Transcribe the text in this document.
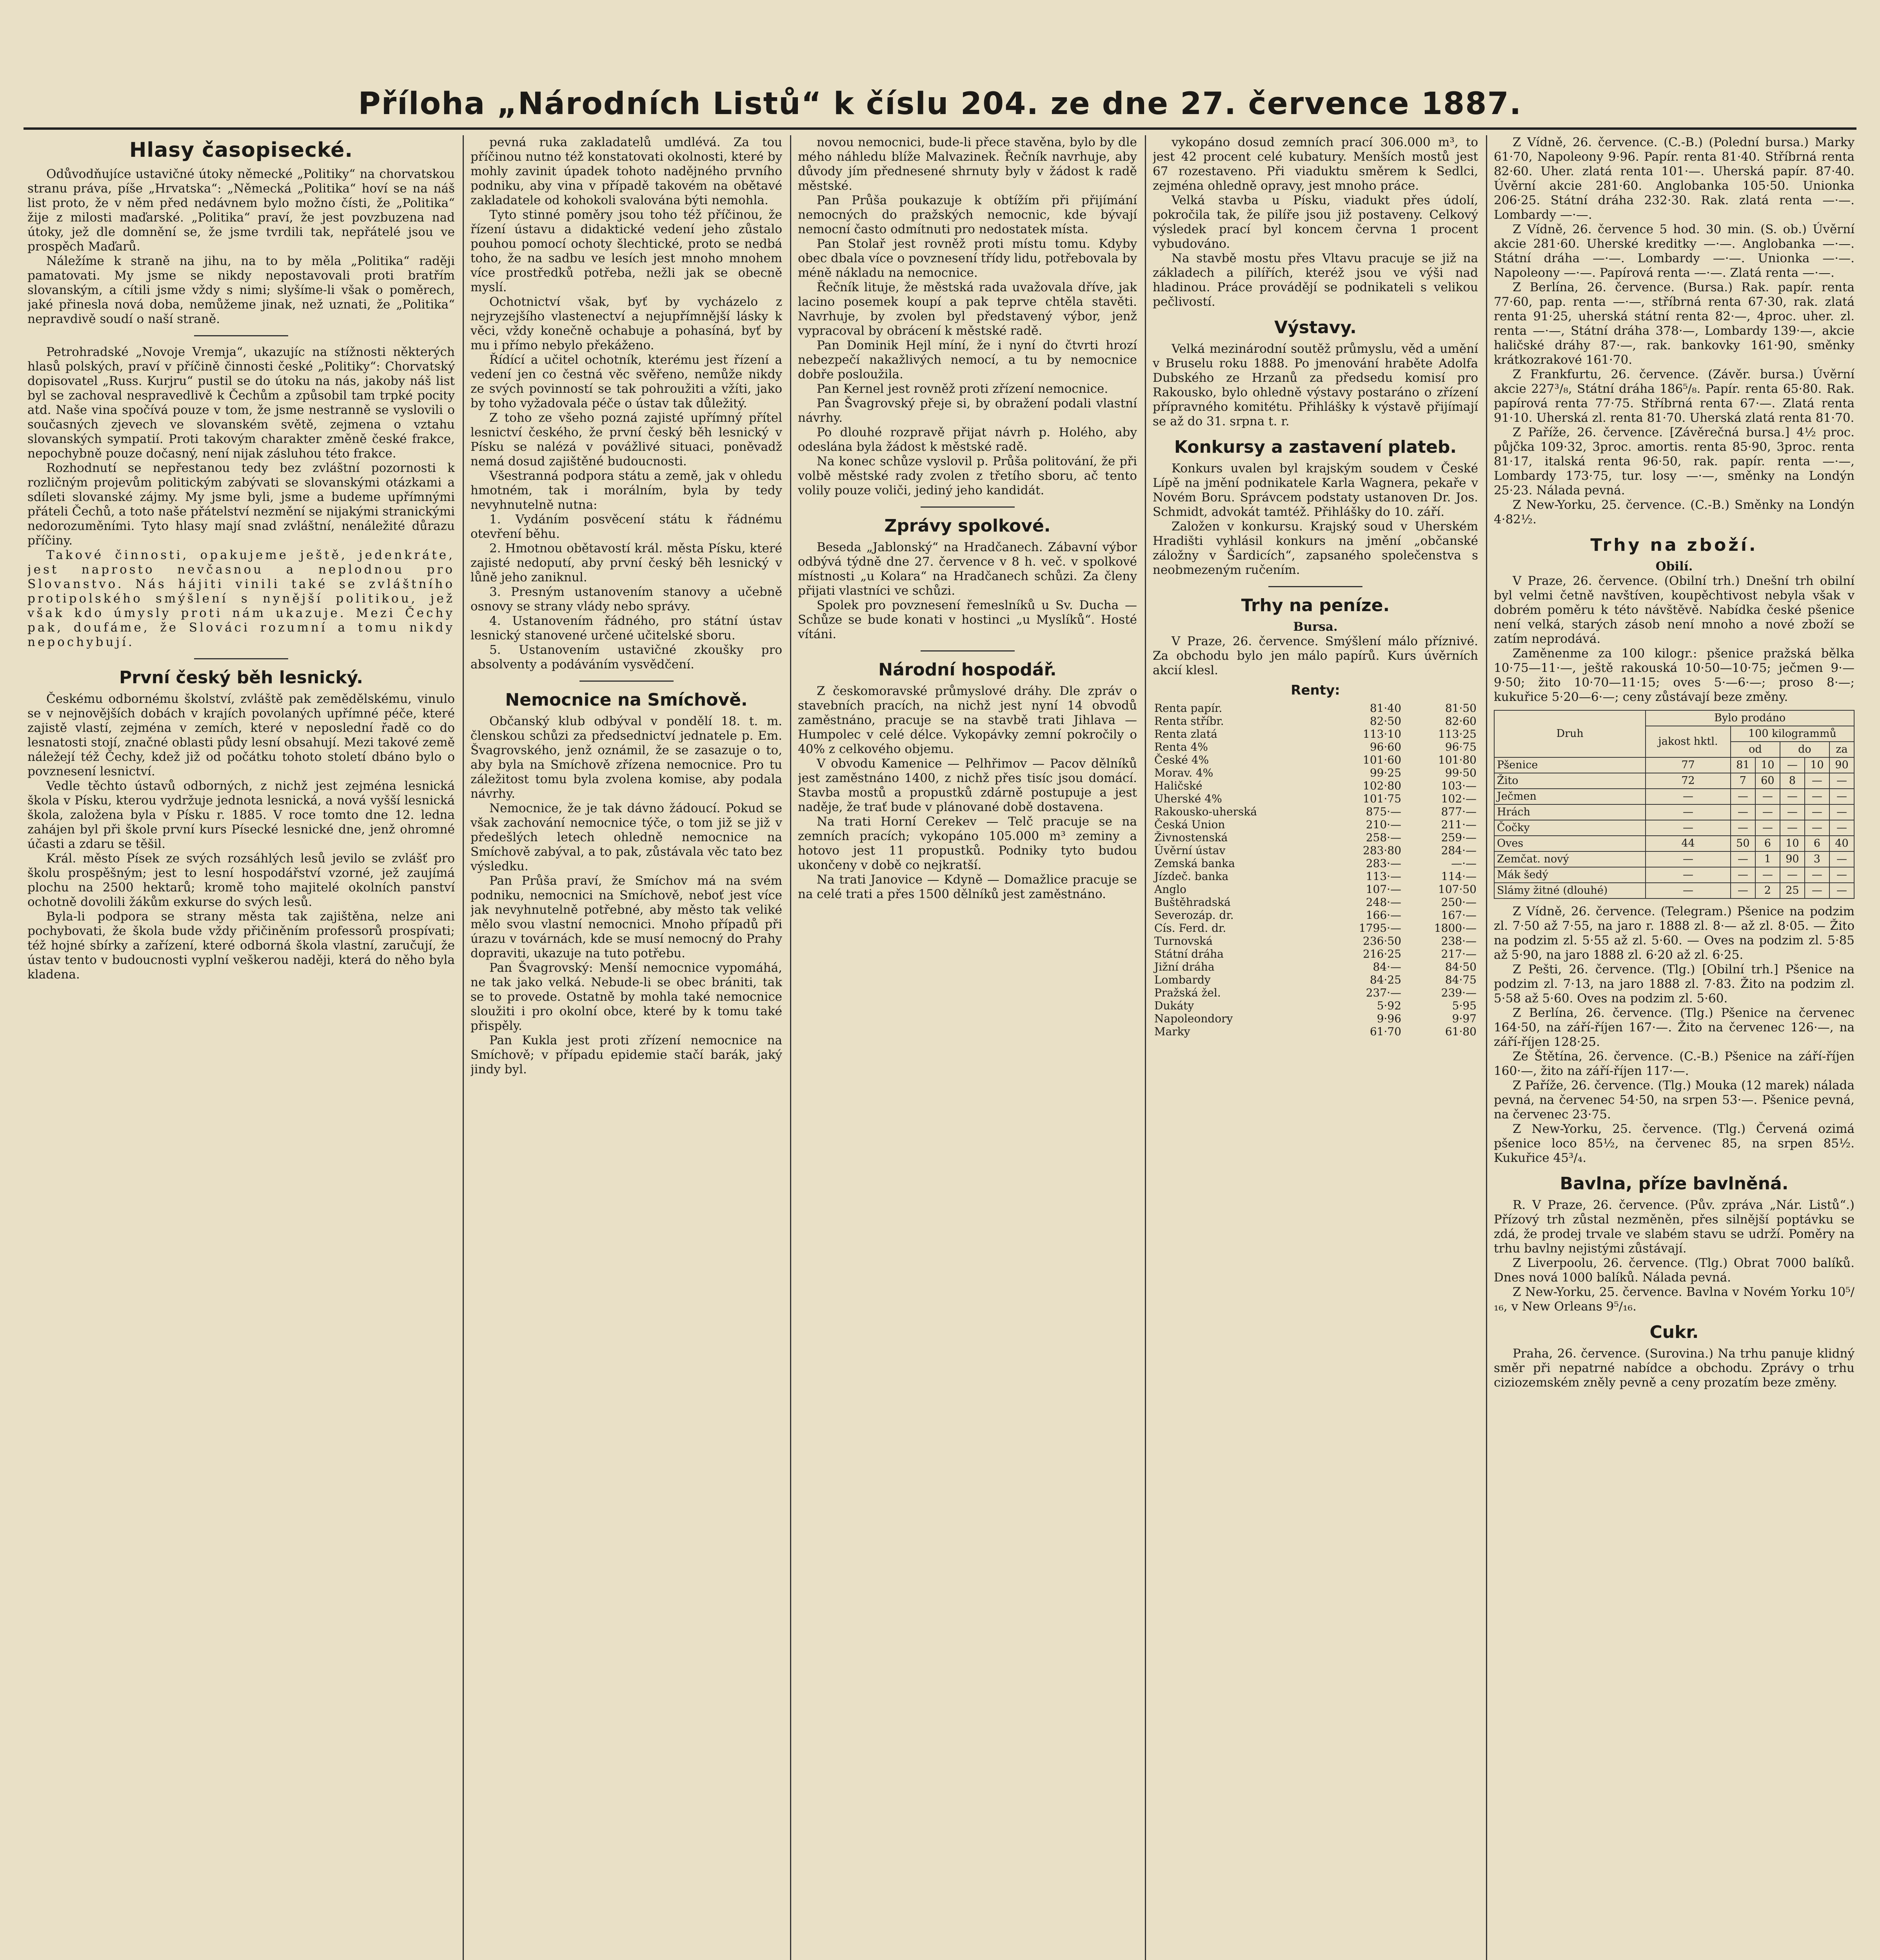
Příloha „Národních Listů“ k číslu 204. ze dne 27. července 1887.
Hlasy časopisecké.

Odůvodňujíce ustavičné útoky německé „Politiky“ na chorvatskou stranu práva, píše „Hrvatska“: „Německá „Politika“ hoví se na náš list proto, že v něm před nedávnem bylo možno čísti, že „Politika“ žije z milosti maďarské. „Politika“ praví, že jest povzbuzena nad útoky, jež dle domnění se, že jsme tvrdili tak, nepřátelé jsou ve prospěch Maďarů.

Náležíme k straně na jihu, na to by měla „Politika“ raději pamatovati. My jsme se nikdy nepostavovali proti bratřím slovanským, a cítili jsme vždy s nimi; slyšíme-li však o poměrech, jaké přinesla nová doba, nemůžeme jinak, než uznati, že „Politika“ nepravdivě soudí o naší straně.

Petrohradské „Novoje Vremja“, ukazujíc na stížnosti některých hlasů polských, praví v příčině činnosti české „Politiky“: Chorvatský dopisovatel „Russ. Kurjru“ pustil se do útoku na nás, jakoby náš list byl se zachoval nespravedlivě k Čechům a způsobil tam trpké pocity atd. Naše vina spočívá pouze v tom, že jsme nestranně se vyslovili o současných zjevech ve slovanském světě, zejmena o vztahu slovanských sympatií. Proti takovým charakter změně české frakce, nepochybně pouze dočasný, není nijak zásluhou této frakce.

Rozhodnutí se nepřestanou tedy bez zvláštní pozornosti k rozličným projevům politickým zabývati se slovanskými otázkami a sdíleti slovanské zájmy. My jsme byli, jsme a budeme upřímnými přáteli Čechů, a toto naše přátelství nezmění se nijakými stranickými nedorozuměními. Tyto hlasy mají snad zvláštní, nenáležité důrazu příčiny.

Takové činnosti, opakujeme ještě, jedenkráte, jest naprosto nevčasnou a neplodnou pro Slovanstvo. Nás hájiti vinili také se zvláštního protipolského smýšlení s nynější politikou, jež však kdo úmysly proti nám ukazuje. Mezi Čechy pak, doufáme, že Slováci rozumní a tomu nikdy nepochybují.

První český běh lesnický.

Českému odbornému školství, zvláště pak zemědělskému, vinulo se v nejnovějších dobách v krajích povolaných upřímné péče, které zajistě vlastí, zejména v zemích, které v neposlední řadě co do lesnatosti stojí, značné oblasti půdy lesní obsahují. Mezi takové země náležejí též Čechy, kdež již od počátku tohoto století dbáno bylo o povznesení lesnictví.

Vedle těchto ústavů odborných, z nichž jest zejména lesnická škola v Písku, kterou vydržuje jednota lesnická, a nová vyšší lesnická škola, založena byla v Písku r. 1885. V roce tomto dne 12. ledna zahájen byl při škole první kurs Písecké lesnické dne, jenž ohromné účasti a zdaru se těšil.

Král. město Písek ze svých rozsáhlých lesů jevilo se zvlášť pro školu prospěšným; jest to lesní hospodářství vzorné, jež zaujímá plochu na 2500 hektarů; kromě toho majitelé okolních panství ochotně dovolili žákům exkurse do svých lesů.

Byla-li podpora se strany města tak zajištěna, nelze ani pochybovati, že škola bude vždy přičiněním professorů prospívati; též hojné sbírky a zařízení, které odborná škola vlastní, zaručují, že ústav tento v budoucnosti vyplní veškerou naději, která do něho byla kladena.

pevná ruka zakladatelů umdlévá. Za tou příčinou nutno též konstatovati okolnosti, které by mohly zavinit úpadek tohoto nadějného prvního podniku, aby vina v případě takovém na obětavé zakladatele od kohokoli svalována býti nemohla.

Tyto stinné poměry jsou toho též příčinou, že řízení ústavu a didaktické vedení jeho zůstalo pouhou pomocí ochoty šlechtické, proto se nedbá toho, že na sadbu ve lesích jest mnoho mnohem více prostředků potřeba, nežli jak se obecně myslí.

Ochotnictví však, byť by vycházelo z nejryzejšího vlastenectví a nejupřímnější lásky k věci, vždy konečně ochabuje a pohasíná, byť by mu i přímo nebylo překáženo.

Řídící a učitel ochotník, kterému jest řízení a vedení jen co čestná věc svěřeno, nemůže nikdy ze svých povinností se tak pohroužiti a vžíti, jako by toho vyžadovala péče o ústav tak důležitý.

Z toho ze všeho pozná zajisté upřímný přítel lesnictví českého, že první český běh lesnický v Písku se nalézá v povážlivé situaci, poněvadž nemá dosud zajištěné budoucnosti.

Všestranná podpora státu a země, jak v ohledu hmotném, tak i morálním, byla by tedy nevyhnutelně nutna:

1. Vydáním posvěcení státu k řádnému otevření běhu.

2. Hmotnou obětavostí král. města Písku, které zajisté nedoputí, aby první český běh lesnický v lůně jeho zaniknul.

3. Presným ustanovením stanovy a učebně osnovy se strany vlády nebo správy.

4. Ustanovením řádného, pro státní ústav lesnický stanovené určené učitelské sboru.

5. Ustanovením ustavičné zkoušky pro absolventy a podáváním vysvědčení.

Nemocnice na Smíchově.

Občanský klub odbýval v pondělí 18. t. m. členskou schůzi za předsednictví jednatele p. Em. Švagrovského, jenž oznámil, že se zasazuje o to, aby byla na Smíchově zřízena nemocnice. Pro tu záležitost tomu byla zvolena komise, aby podala návrhy.

Nemocnice, že je tak dávno žádoucí. Pokud se však zachování nemocnice týče, o tom již se již v předešlých letech ohledně nemocnice na Smíchově zabýval, a to pak, zůstávala věc tato bez výsledku.

Pan Průša praví, že Smíchov má na svém podniku, nemocnici na Smíchově, neboť jest více jak nevyhnutelně potřebné, aby město tak veliké mělo svou vlastní nemocnici. Mnoho případů při úrazu v továrnách, kde se musí nemocný do Prahy dopraviti, ukazuje na tuto potřebu.

Pan Švagrovský: Menší nemocnice vypomáhá, ne tak jako velká. Nebude-li se obec brániti, tak se to provede. Ostatně by mohla také nemocnice sloužiti i pro okolní obce, které by k tomu také přispěly.

Pan Kukla jest proti zřízení nemocnice na Smíchově; v případu epidemie stačí barák, jaký jindy byl.

novou nemocnici, bude-li přece stavěna, bylo by dle mého náhledu blíže Malvazinek. Řečník navrhuje, aby důvody jím přednesené shrnuty byly v žádost k radě městské.

Pan Průša poukazuje k obtížím při přijímání nemocných do pražských nemocnic, kde bývají nemocní často odmítnuti pro nedostatek místa.

Pan Stolař jest rovněž proti místu tomu. Kdyby obec dbala více o povznesení třídy lidu, potřebovala by méně nákladu na nemocnice.

Řečník lituje, že městská rada uvažovala dříve, jak lacino posemek koupí a pak teprve chtěla stavěti. Navrhuje, by zvolen byl představený výbor, jenž vypracoval by obrácení k městské radě.

Pan Dominik Hejl míní, že i nyní do čtvrti hrozí nebezpečí nakažlivých nemocí, a tu by nemocnice dobře posloužila.

Pan Kernel jest rovněž proti zřízení nemocnice.

Pan Švagrovský přeje si, by obražení podali vlastní návrhy.

Po dlouhé rozpravě přijat návrh p. Holého, aby odeslána byla žádost k městské radě.

Na konec schůze vyslovil p. Průša politování, že při volbě městské rady zvolen z třetího sboru, ač tento volily pouze voliči, jediný jeho kandidát.

Zprávy spolkové.

Beseda „Jablonský“ na Hradčanech. Zábavní výbor odbývá týdně dne 27. července v 8 h. več. v spolkové místnosti „u Kolara“ na Hradčanech schůzi. Za členy přijati vlastníci ve schůzi.

Spolek pro povznesení řemeslníků u Sv. Ducha — Schůze se bude konati v hostinci „u Myslíků“. Hosté vítáni.

Národní hospodář.

Z českomoravské průmyslové dráhy. Dle zpráv o stavebních pracích, na nichž jest nyní 14 obvodů zaměstnáno, pracuje se na stavbě trati Jihlava — Humpolec v celé délce. Vykopávky zemní pokročily o 40% z celkového objemu.

V obvodu Kamenice — Pelhřimov — Pacov dělníků jest zaměstnáno 1400, z nichž přes tisíc jsou domácí. Stavba mostů a propustků zdárně postupuje a jest naděje, že trať bude v plánované době dostavena.

Na trati Horní Cerekev — Telč pracuje se na zemních pracích; vykopáno 105.000 m³ zeminy a hotovo jest 11 propustků. Podniky tyto budou ukončeny v době co nejkratší.

Na trati Janovice — Kdyně — Domažlice pracuje se na celé trati a přes 1500 dělníků jest zaměstnáno.

vykopáno dosud zemních prací 306.000 m³, to jest 42 procent celé kubatury. Menších mostů jest 67 rozestaveno. Při viaduktu směrem k Sedlci, zejména ohledně opravy, jest mnoho práce.

Velká stavba u Písku, viadukt přes údolí, pokročila tak, že pilíře jsou již postaveny. Celkový výsledek prací byl koncem června 1 procent vybudováno.

Na stavbě mostu přes Vltavu pracuje se již na základech a pilířích, kteréž jsou ve výši nad hladinou. Práce provádějí se podnikateli s velikou pečlivostí.

Výstavy.

Velká mezinárodní soutěž průmyslu, věd a umění v Bruselu roku 1888. Po jmenování hraběte Adolfa Dubského ze Hrzanů za předsedu komisí pro Rakousko, bylo ohledně výstavy postaráno o zřízení přípravného komitétu. Přihlášky k výstavě přijímají se až do 31. srpna t. r.

Konkursy a zastavení plateb.

Konkurs uvalen byl krajským soudem v České Lípě na jmění podnikatele Karla Wagnera, pekaře v Novém Boru. Správcem podstaty ustanoven Dr. Jos. Schmidt, advokát tamtéž. Přihlášky do 10. září.

Založen v konkursu. Krajský soud v Uherském Hradišti vyhlásil konkurs na jmění „občanské záložny v Šardicích“, zapsaného společenstva s neobmezeným ručením.

Trhy na peníze.

Bursa.

V Praze, 26. července. Smýšlení málo příznivé. Za obchodu bylo jen málo papírů. Kurs úvěrních akcií klesl.

Renty:
Renta papír.	81·40	81·50
Renta stříbr.	82·50	82·60
Renta zlatá	113·10	113·25
Renta 4%	96·60	96·75
České 4%	101·60	101·80
Morav. 4%	99·25	99·50
Haličské	102·80	103·—
Uherské 4%	101·75	102·—
Rakousko-uherská	875·—	877·—
Česká Union	210·—	211·—
Živnostenská	258·—	259·—
Úvěrní ústav	283·80	284·—
Zemská banka	283·—	—·—
Jízdeč. banka	113·—	114·—
Anglo	107·—	107·50
Buštěhradská	248·—	250·—
Severozáp. dr.	166·—	167·—
Cís. Ferd. dr.	1795·—	1800·—
Turnovská	236·50	238·—
Státní dráha	216·25	217·—
Jižní dráha	84·—	84·50
Lombardy	84·25	84·75
Pražská žel.	237·—	239·—
Dukáty	5·92	5·95
Napoleondory	9·96	9·97
Marky	61·70	61·80

Z Vídně, 26. července. (C.-B.) (Polední bursa.) Marky 61·70, Napoleony 9·96. Papír. renta 81·40. Stříbrná renta 82·60. Uher. zlatá renta 101·—. Uherská papír. 87·40. Úvěrní akcie 281·60. Anglobanka 105·50. Unionka 206·25. Státní dráha 232·30. Rak. zlatá renta —·—. Lombardy —·—.

Z Vídně, 26. července 5 hod. 30 min. (S. ob.) Úvěrní akcie 281·60. Uherské kreditky —·—. Anglobanka —·—. Státní dráha —·—. Lombardy —·—. Unionka —·—. Napoleony —·—. Papírová renta —·—. Zlatá renta —·—.

Z Berlína, 26. července. (Bursa.) Rak. papír. renta 77·60, pap. renta —·—, stříbrná renta 67·30, rak. zlatá renta 91·25, uherská státní renta 82·—, 4proc. uher. zl. renta —·—, Státní dráha 378·—, Lombardy 139·—, akcie haličské dráhy 87·—, rak. bankovky 161·90, směnky krátkozrakové 161·70.

Z Frankfurtu, 26. července. (Závěr. bursa.) Úvěrní akcie 227³/₈, Státní dráha 186⁵/₈. Papír. renta 65·80. Rak. papírová renta 77·75. Stříbrná renta 67·—. Zlatá renta 91·10. Uherská zl. renta 81·70. Uherská zlatá renta 81·70.

Z Paříže, 26. července. [Závěrečná bursa.] 4½ proc. půjčka 109·32, 3proc. amortis. renta 85·90, 3proc. renta 81·17, italská renta 96·50, rak. papír. renta —·—, Lombardy 173·75, tur. losy —·—, směnky na Londýn 25·23. Nálada pevná.

Z New-Yorku, 25. července. (C.-B.) Směnky na Londýn 4·82½.

Trhy na zboží.

Obilí.

V Praze, 26. července. (Obilní trh.) Dnešní trh obilní byl velmi četně navštíven, koupěchtivost nebyla však v dobrém poměru k této návštěvě. Nabídka české pšenice není velká, starých zásob není mnoho a nové zboží se zatím neprodává.

Zaměnenme za 100 kilogr.: pšenice pražská bělka 10·75—11·—, ještě rakouská 10·50—10·75; ječmen 9·—9·50; žito 10·70—11·15; oves 5·—6·—; proso 8·—; kukuřice 5·20—6·—; ceny zůstávají beze změny.

Druh	Bylo prodáno					
	jakost hktl.	100 kilogrammů				
		od		do		za
Pšenice	77	81	10	—	10	90
Žito	72	7	60	8	—	—
Ječmen	—	—	—	—	—	—
Hrách	—	—	—	—	—	—
Čočky	—	—	—	—	—	—
Oves	44	50	6	10	6	40
Zemčat. nový	—	—	1	90	3	—
Mák šedý	—	—	—	—	—	—
Slámy žitné (dlouhé)	—	—	2	25	—	—

Z Vídně, 26. července. (Telegram.) Pšenice na podzim zl. 7·50 až 7·55, na jaro r. 1888 zl. 8·— až zl. 8·05. — Žito na podzim zl. 5·55 až zl. 5·60. — Oves na podzim zl. 5·85 až 5·90, na jaro 1888 zl. 6·20 až zl. 6·25.

Z Pešti, 26. července. (Tlg.) [Obilní trh.] Pšenice na podzim zl. 7·13, na jaro 1888 zl. 7·83. Žito na podzim zl. 5·58 až 5·60. Oves na podzim zl. 5·60.

Z Berlína, 26. července. (Tlg.) Pšenice na červenec 164·50, na září-říjen 167·—. Žito na červenec 126·—, na září-říjen 128·25.

Ze Štětína, 26. července. (C.-B.) Pšenice na září-říjen 160·—, žito na září-říjen 117·—.

Z Paříže, 26. července. (Tlg.) Mouka (12 marek) nálada pevná, na červenec 54·50, na srpen 53·—. Pšenice pevná, na červenec 23·75.

Z New-Yorku, 25. července. (Tlg.) Červená ozimá pšenice loco 85½, na červenec 85, na srpen 85½. Kukuřice 45³/₄.

Bavlna, příze bavlněná.

R. V Praze, 26. července. (Pův. zpráva „Nár. Listů“.) Přízový trh zůstal nezměněn, přes silnější poptávku se zdá, že prodej trvale ve slabém stavu se udrží. Poměry na trhu bavlny nejistými zůstávají.

Z Liverpoolu, 26. července. (Tlg.) Obrat 7000 balíků. Dnes nová 1000 balíků. Nálada pevná.

Z New-Yorku, 25. července. Bavlna v Novém Yorku 10⁵/₁₆, v New Orleans 9⁵/₁₆.

Cukr.

Praha, 26. července. (Surovina.) Na trhu panuje klidný směr při nepatrné nabídce a obchodu. Zprávy o trhu ciziozemském zněly pevně a ceny prozatím beze změny.
